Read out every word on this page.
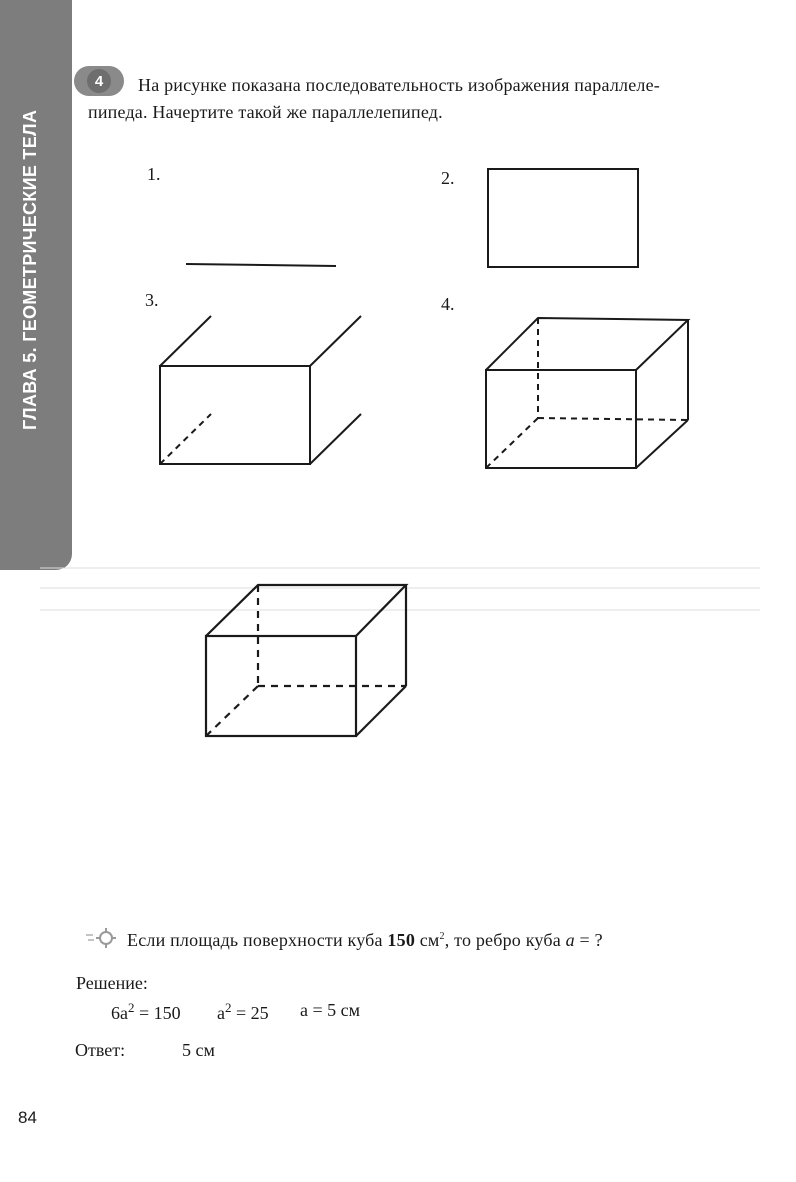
ГЛАВА 5. ГЕОМЕТРИЧЕСКИЕ ТЕЛА
4	На рисунке показана последовательность изображения параллеле-
пипеда. Начертите такой же параллелепипед.
1.	2.
3.	4.
Если площадь поверхности куба 150 $см^2$, то ребро куба a = ?
Решение:
$6a^2 = 150$ $a^2 = 25$ a = 5 см
Ответ:	5 см
84
